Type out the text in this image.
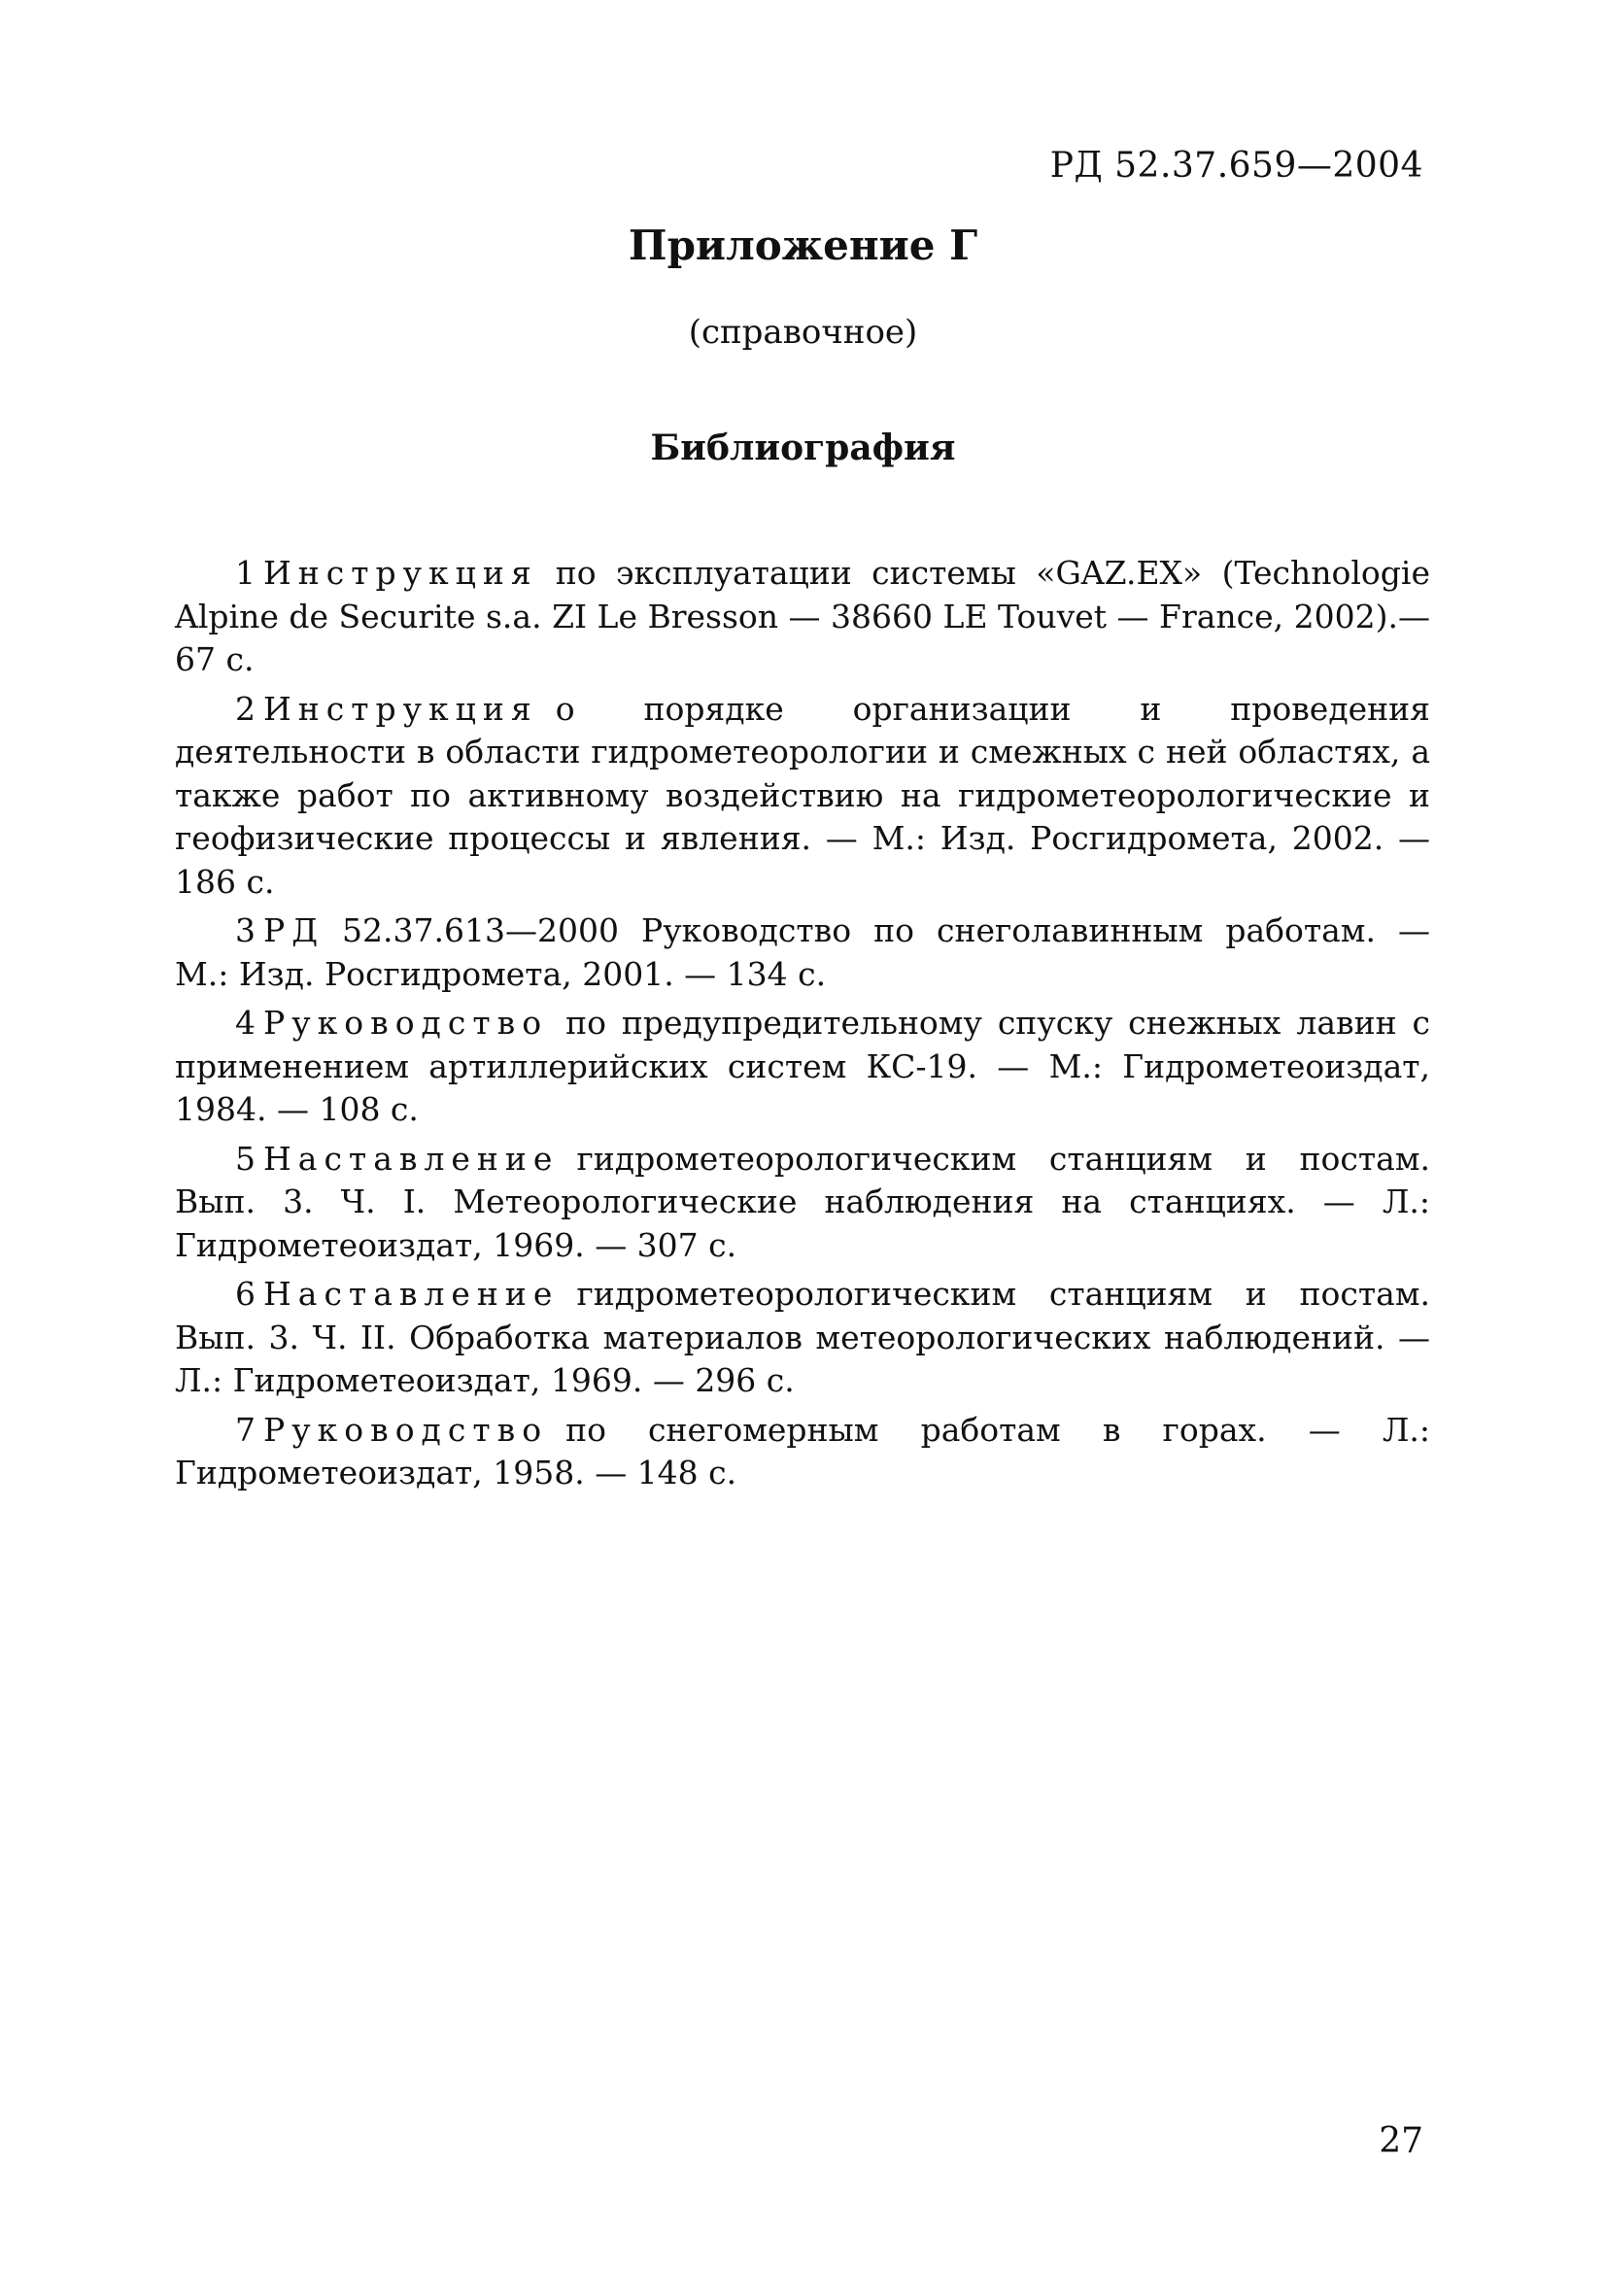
РД 52.37.659—2004
Приложение Г
(справочное)
Библиография
1 Инструкция по эксплуатации системы «GAZ.EX» (Technologie Alpine de Securite s.a. ZI Le Bresson — 38660 LE Touvet — France, 2002).— 67 с.
2 Инструкция о порядке организации и проведения деятельности в области гидрометеорологии и смежных с ней областях, а также работ по активному воздействию на гидрометеорологические и геофизические процессы и явления. — М.: Изд. Росгидромета, 2002. — 186 с.
3 РД 52.37.613—2000 Руководство по снеголавинным работам. — М.: Изд. Росгидромета, 2001. — 134 с.
4 Руководство по предупредительному спуску снежных лавин с применением артиллерийских систем КС-19. — М.: Гидрометеоиздат, 1984. — 108 с.
5 Наставление гидрометеорологическим станциям и постам. Вып. 3. Ч. I. Метеорологические наблюдения на станциях. — Л.: Гидрометеоиздат, 1969. — 307 с.
6 Наставление гидрометеорологическим станциям и постам. Вып. 3. Ч. II. Обработка материалов метеорологических наблюдений. — Л.: Гидрометеоиздат, 1969. — 296 с.
7 Руководство по снегомерным работам в горах. — Л.: Гидрометеоиздат, 1958. — 148 с.
27
